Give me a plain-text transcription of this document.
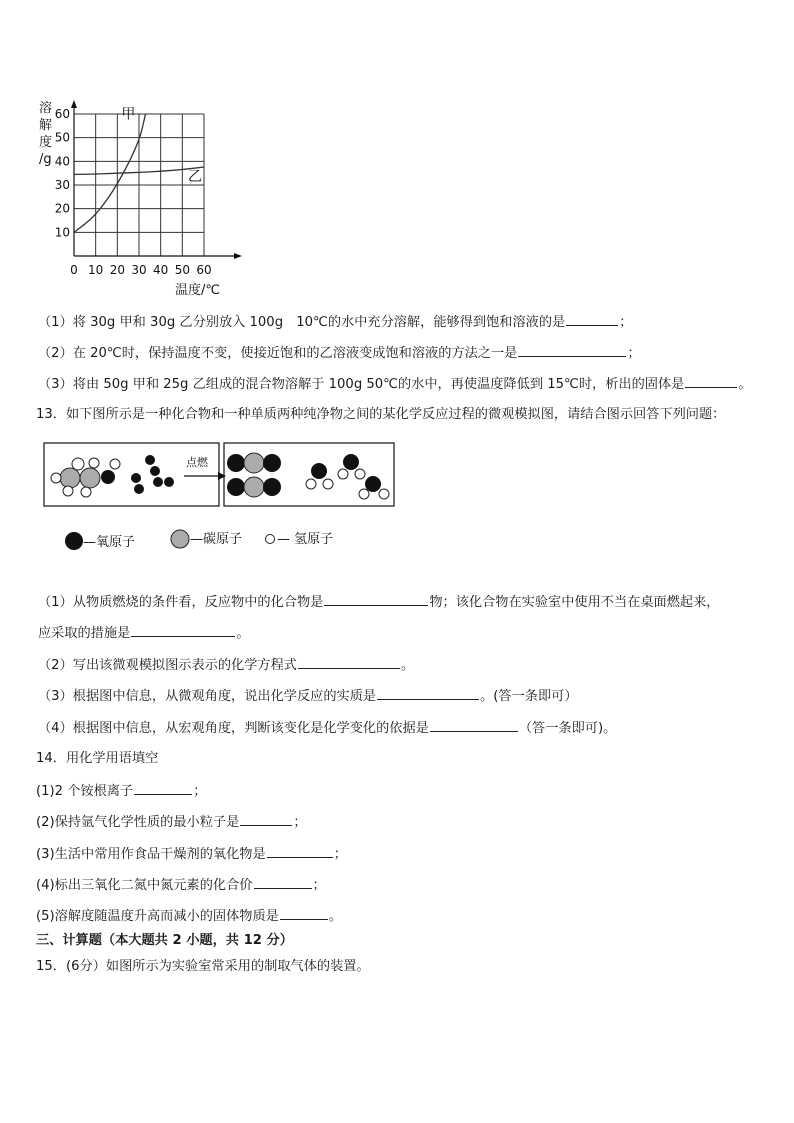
0 10 20 30 40 50 60
10
20
30
40
50
60
溶
解
度
/g
温度/℃
甲
乙
（1）将 30g 甲和 30g 乙分别放入 100g　10℃的水中充分溶解，能够得到饱和溶液的是	；
（2）在 20℃时，保持温度不变，使接近饱和的乙溶液变成饱和溶液的方法之一是	；
（3）将由 50g 甲和 25g 乙组成的混合物溶解于 100g 50℃的水中，再使温度降低到 15℃时，析出的固体是	。
13．如下图所示是一种化合物和一种单质两种纯净物之间的某化学反应过程的微观模拟图，请结合图示回答下列问题：
点燃
—氧原子	—碳原子	— 氢原子
（1）从物质燃烧的条件看，反应物中的化合物是	物；该化合物在实验室中使用不当在桌面燃起来，
应采取的措施是	。
（2）写出该微观模拟图示表示的化学方程式	。
（3）根据图中信息，从微观角度，说出化学反应的实质是	。(答一条即可）
（4）根据图中信息，从宏观角度，判断该变化是化学变化的依据是	（答一条即可)。
14．用化学用语填空
(1)2 个铵根离子	；
(2)保持氩气化学性质的最小粒子是	；
(3)生活中常用作食品干燥剂的氧化物是	；
(4)标出三氧化二氮中氮元素的化合价	；
(5)溶解度随温度升高而减小的固体物质是	。
三、计算题（本大题共 2 小题，共 12 分）
15．(6分）如图所示为实验室常采用的制取气体的装置。
